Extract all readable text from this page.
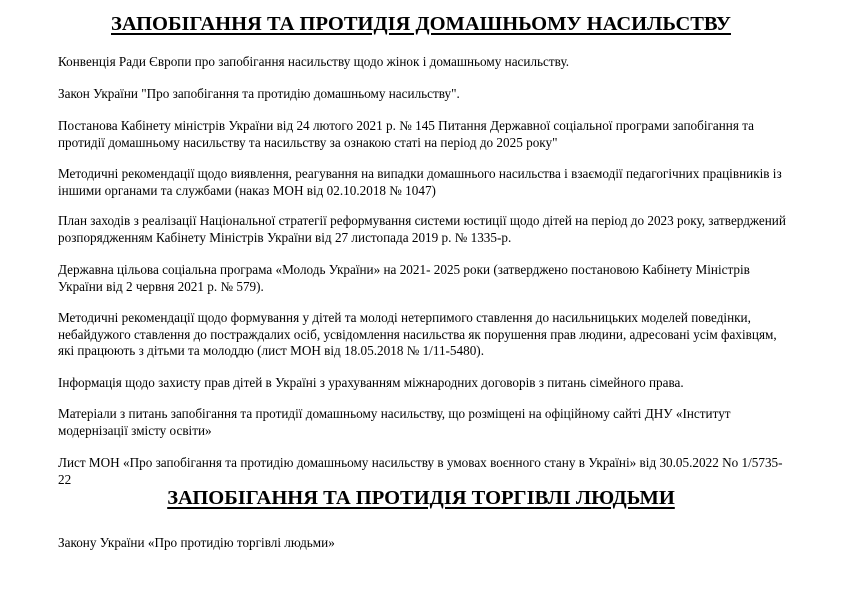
ЗАПОБІГАННЯ ТА ПРОТИДІЯ ДОМАШНЬОМУ НАСИЛЬСТВУ

Конвенція Ради Європи про запобігання насильству щодо жінок і домашньому насильству.

Закон України "Про запобігання та протидію домашньому насильству".

Постанова Кабінету міністрів України від 24 лютого 2021 р. № 145 Питання Державної соціальної програми запобігання та протидії домашньому насильству та насильству за ознакою статі на період до 2025 року"

Методичні рекомендації щодо виявлення, реагування на випадки домашнього насильства і взаємодії педагогічних працівників із іншими органами та службами (наказ МОН від 02.10.2018 № 1047)

План заходів з реалізації Національної стратегії реформування системи юстиції щодо дітей на період до 2023 року, затверджений розпорядженням Кабінету Міністрів України від 27 листопада 2019 р. № 1335-р.

Державна цільова соціальна програма «Молодь України» на 2021- 2025 роки (затверджено постановою Кабінету Міністрів України від 2 червня 2021 р. № 579).

Методичні рекомендації щодо формування у дітей та молоді нетерпимого ставлення до насильницьких моделей поведінки, небайдужого ставлення до постраждалих осіб, усвідомлення насильства як порушення прав людини, адресовані усім фахівцям, які працюють з дітьми та молоддю (лист МОН від 18.05.2018 № 1/11-5480).

Інформація щодо захисту прав дітей в Україні з урахуванням міжнародних договорів з питань сімейного права.

Матеріали з питань запобігання та протидії домашньому насильству, що розміщені на офіційному сайті ДНУ «Інститут модернізації змісту освіти»

Лист МОН «Про запобігання та протидію домашньому насильству в умовах воєнного стану в Україні» від 30.05.2022 No 1/5735-22

ЗАПОБІГАННЯ ТА ПРОТИДІЯ ТОРГІВЛІ ЛЮДЬМИ

Закону України «Про протидію торгівлі людьми»
